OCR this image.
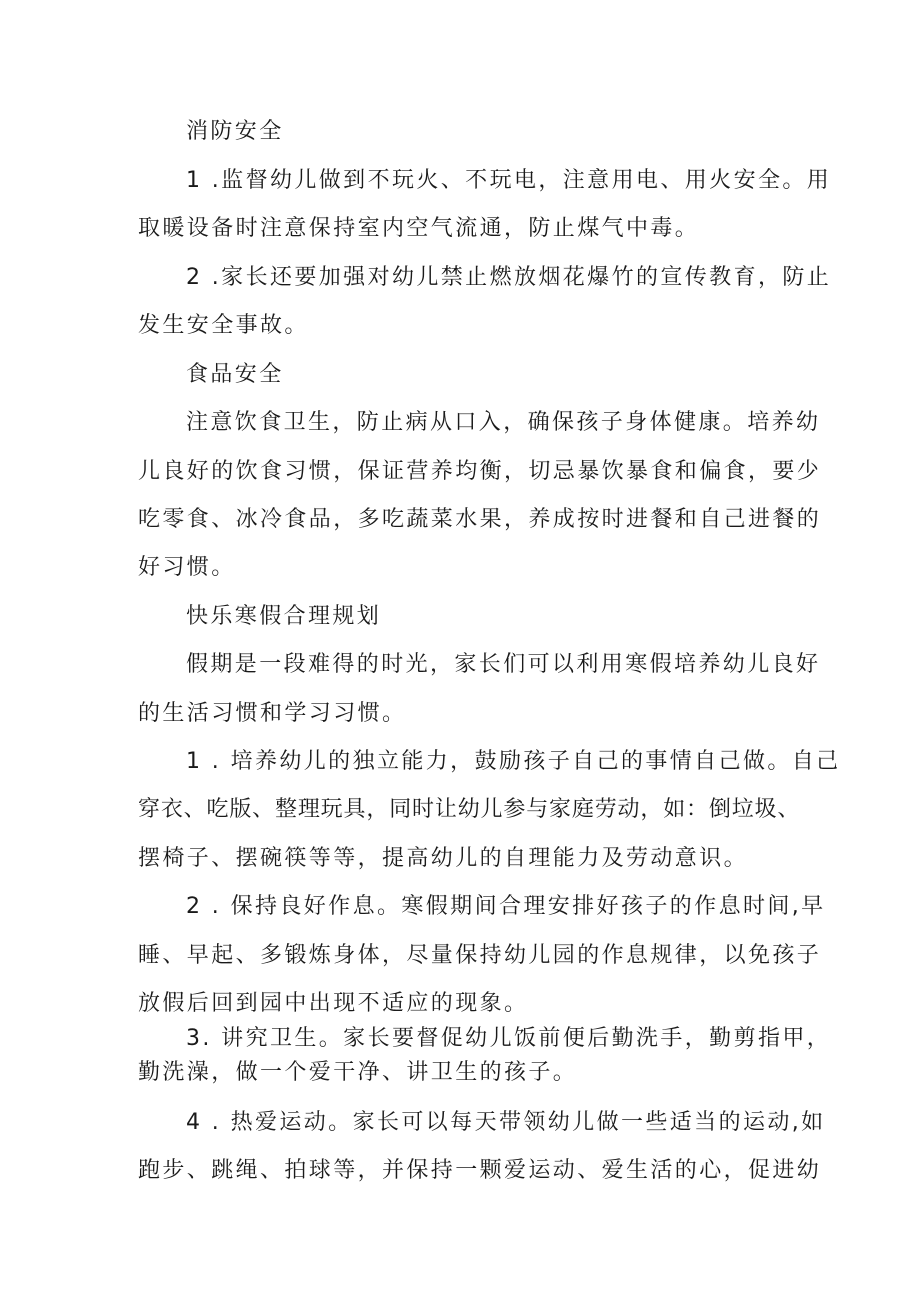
消防安全
1 .监督幼儿做到不玩火、不玩电，注意用电、用火安全。用
取暖设备时注意保持室内空气流通，防止煤气中毒。
2 .家长还要加强对幼儿禁止燃放烟花爆竹的宣传教育，防止
发生安全事故。
食品安全
注意饮食卫生，防止病从口入，确保孩子身体健康。培养幼
儿良好的饮食习惯，保证营养均衡，切忌暴饮暴食和偏食，要少
吃零食、冰冷食品，多吃蔬菜水果，养成按时进餐和自己进餐的
好习惯。
快乐寒假合理规划
假期是一段难得的时光，家长们可以利用寒假培养幼儿良好
的生活习惯和学习习惯。
1 . 培养幼儿的独立能力，鼓励孩子自己的事情自己做。自己
穿衣、吃版、整理玩具，同时让幼儿参与家庭劳动，如：倒垃圾、
摆椅子、摆碗筷等等，提高幼儿的自理能力及劳动意识。
2 . 保持良好作息。寒假期间合理安排好孩子的作息时间,早
睡、早起、多锻炼身体，尽量保持幼儿园的作息规律，以免孩子
放假后回到园中出现不适应的现象。
3. 讲究卫生。家长要督促幼儿饭前便后勤洗手，勤剪指甲，
勤洗澡，做一个爱干净、讲卫生的孩子。
4 . 热爱运动。家长可以每天带领幼儿做一些适当的运动,如
跑步、跳绳、拍球等，并保持一颗爱运动、爱生活的心，促进幼
